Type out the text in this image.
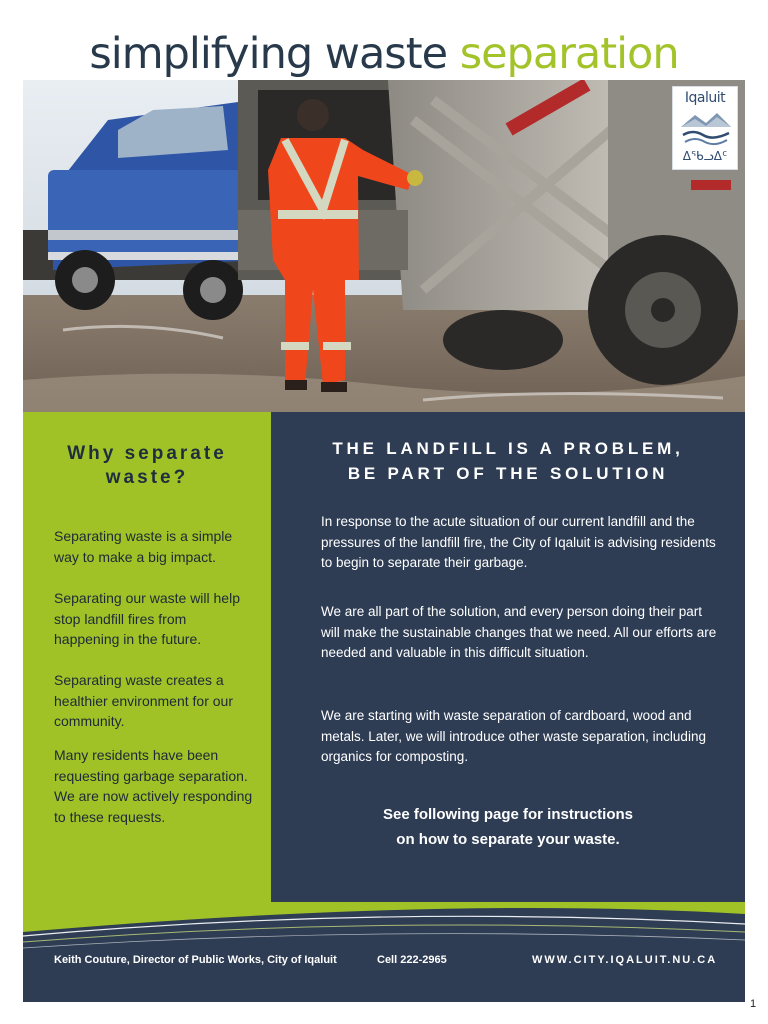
simplifying waste separation
Iqaluit
ᐃᖃᓗᐃᑦ
Why separate
waste?
Separating waste is a simple way to make a big impact.
Separating our waste will help stop landfill fires from happening in the future.
Separating waste creates a healthier environment for our community.
Many residents have been requesting garbage separation. We are now actively responding to these requests.
THE LANDFILL IS A PROBLEM,
BE PART OF THE SOLUTION
In response to the acute situation of our current landfill and the pressures of the landfill fire, the City of Iqaluit is advising residents to begin to separate their garbage.
We are all part of the solution, and every person doing their part will make the sustainable changes that we need. All our efforts are needed and valuable in this difficult situation.
We are starting with waste separation of cardboard, wood and metals. Later, we will introduce other waste separation, including organics for composting.
See following page for instructions
on how to separate your waste.
Keith Couture, Director of Public Works, City of Iqaluit	Cell 222-2965	WWW.CITY.IQALUIT.NU.CA
1
